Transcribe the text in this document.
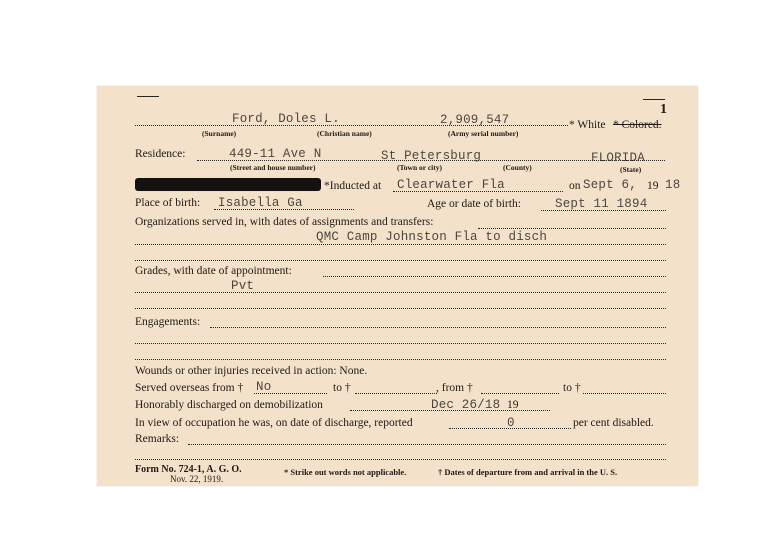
1
Ford, Doles L.	2,909,547	* White * Colored.
(Surname)	(Christian name)	(Army serial number)
Residence:	449-11 Ave N	St Petersburg	FLORIDA
(Street and house number)	(Town or city)	(County)	(State)
*Inducted at Clearwater Fla	on Sept 6, 19 18
Place of birth: Isabella Ga	Age or date of birth:	Sept 11 1894
Organizations served in, with dates of assignments and transfers:
QMC Camp Johnston Fla to disch
Grades, with date of appointment:
Pvt
Engagements:
Wounds or other injuries received in action: None.
Served overseas from † No	to †	, from †	to †
Honorably discharged on demobilization	Dec 26/18 19
In view of occupation he was, on date of discharge, reported	0	per cent disabled.
Remarks:
Form No. 724-1, A. G. O.
Nov. 22, 1919.
* Strike out words not applicable.	† Dates of departure from and arrival in the U. S.
